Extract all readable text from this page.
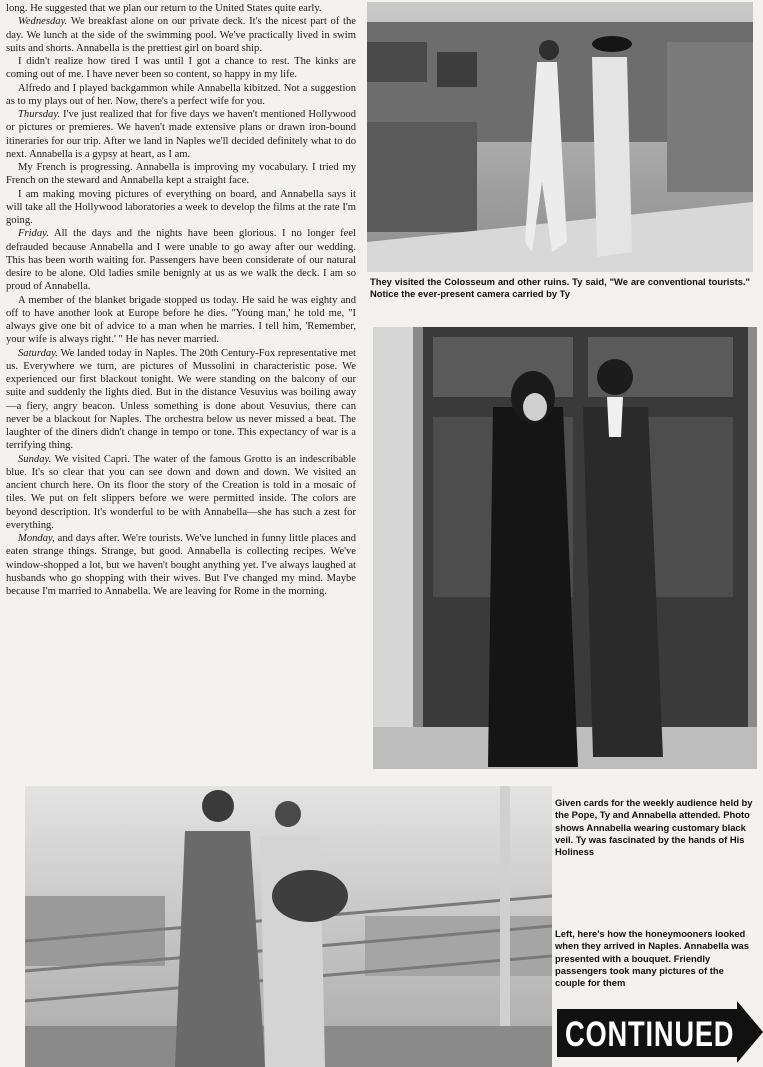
long. He suggested that we plan our return to the United States quite early.

Wednesday. We breakfast alone on our private deck. It's the nicest part of the day. We lunch at the side of the swimming pool. We've practically lived in swim suits and shorts. Annabella is the prettiest girl on board ship.

I didn't realize how tired I was until I got a chance to rest. The kinks are coming out of me. I have never been so content, so happy in my life.

Alfredo and I played backgammon while Annabella kibitzed. Not a suggestion as to my plays out of her. Now, there's a perfect wife for you.

Thursday. I've just realized that for five days we haven't mentioned Hollywood or pictures or premieres. We haven't made extensive plans or drawn iron-bound itineraries for our trip. After we land in Naples we'll decided definitely what to do next. Annabella is a gypsy at heart, as I am.

My French is progressing. Annabella is improving my vocabulary. I tried my French on the steward and Annabella kept a straight face.

I am making moving pictures of everything on board, and Annabella says it will take all the Hollywood laboratories a week to develop the films at the rate I'm going.

Friday. All the days and the nights have been glorious. I no longer feel defrauded because Annabella and I were unable to go away after our wedding. This has been worth waiting for. Passengers have been considerate of our natural desire to be alone. Old ladies smile benignly at us as we walk the deck. I am so proud of Annabella.

A member of the blanket brigade stopped us today. He said he was eighty and off to have another look at Europe before he dies. "Young man,' he told me, "I always give one bit of advice to a man when he marries. I tell him, 'Remember, your wife is always right.' " He has never married.

Saturday. We landed today in Naples. The 20th Century-Fox representative met us. Everywhere we turn, are pictures of Mussolini in characteristic pose. We experienced our first blackout tonight. We were standing on the balcony of our suite and suddenly the lights died. But in the distance Vesuvius was boiling away—a fiery, angry beacon. Unless something is done about Vesuvius, there can never be a blackout for Naples. The orchestra below us never missed a beat. The laughter of the diners didn't change in tempo or tone. This expectancy of war is a terrifying thing.

Sunday. We visited Capri. The water of the famous Grotto is an indescribable blue. It's so clear that you can see down and down and down. We visited an ancient church here. On its floor the story of the Creation is told in a mosaic of tiles. We put on felt slippers before we were permitted inside. The colors are beyond description. It's wonderful to be with Annabella—she has such a zest for everything.

Monday, and days after. We're tourists. We've lunched in funny little places and eaten strange things. Strange, but good. Annabella is collecting recipes. We've window-shopped a lot, but we haven't bought anything yet. I've always laughed at husbands who go shopping with their wives. But I've changed my mind. Maybe because I'm married to Annabella. We are leaving for Rome in the morning.

They visited the Colosseum and other ruins. Ty said, "We are conventional tourists." Notice the ever-present camera carried by Ty
Given cards for the weekly audience held by the Pope, Ty and Annabella attended. Photo shows Annabella wearing customary black veil. Ty was fascinated by the hands of His Holiness
Left, here's how the honeymooners looked when they arrived in Naples. Annabella was presented with a bouquet. Friendly passengers took many pictures of the couple for them
CONTINUED
